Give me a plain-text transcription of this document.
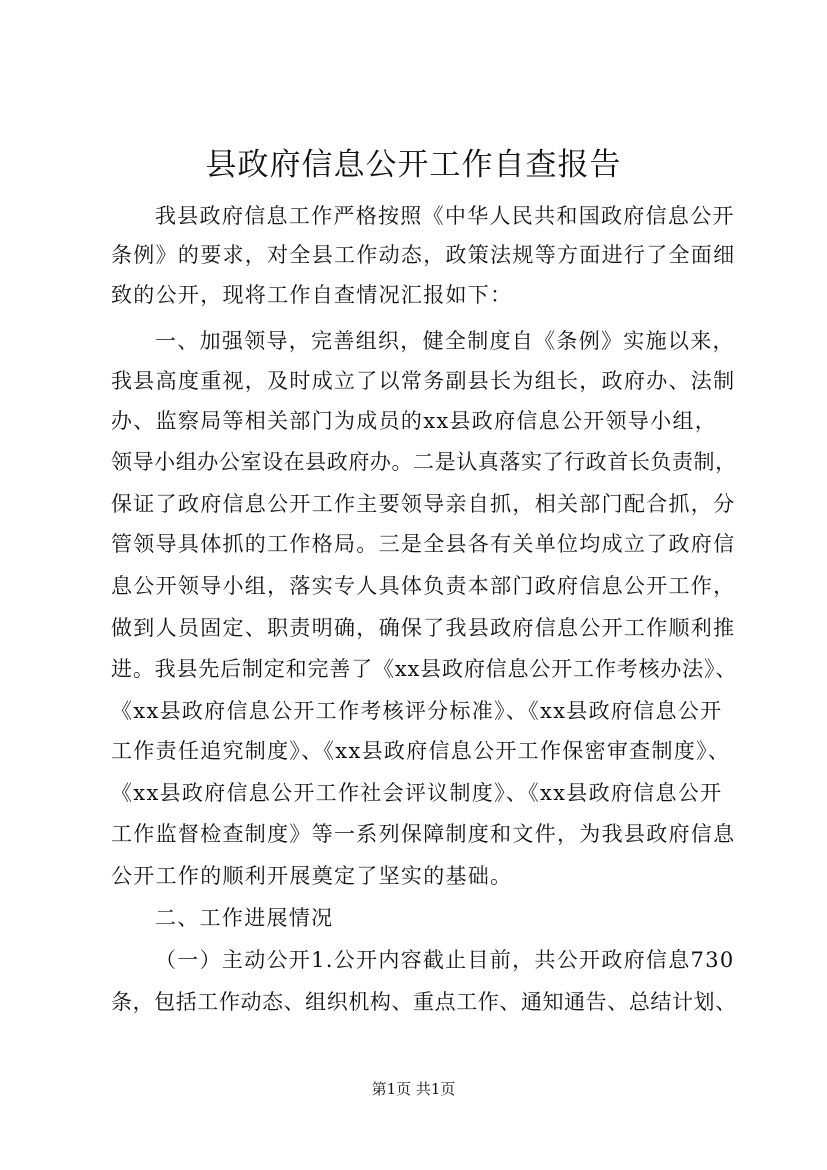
县政府信息公开工作自查报告
我县政府信息工作严格按照《中华人民共和国政府信息公开
条例》的要求，对全县工作动态，政策法规等方面进行了全面细
致的公开，现将工作自查情况汇报如下：
一、加强领导，完善组织，健全制度自《条例》实施以来，
我县高度重视，及时成立了以常务副县长为组长，政府办、法制
办、监察局等相关部门为成员的xx县政府信息公开领导小组，
领导小组办公室设在县政府办。二是认真落实了行政首长负责制，
保证了政府信息公开工作主要领导亲自抓，相关部门配合抓，分
管领导具体抓的工作格局。三是全县各有关单位均成立了政府信
息公开领导小组，落实专人具体负责本部门政府信息公开工作，
做到人员固定、职责明确，确保了我县政府信息公开工作顺利推
进。我县先后制定和完善了《xx县政府信息公开工作考核办法》、
《xx县政府信息公开工作考核评分标准》、《xx县政府信息公开
工作责任追究制度》、《xx县政府信息公开工作保密审查制度》、
《xx县政府信息公开工作社会评议制度》、《xx县政府信息公开
工作监督检查制度》等一系列保障制度和文件，为我县政府信息
公开工作的顺利开展奠定了坚实的基础。
二、工作进展情况
（一）主动公开1.公开内容截止目前，共公开政府信息730
条，包括工作动态、组织机构、重点工作、通知通告、总结计划、
第1页 共1页
